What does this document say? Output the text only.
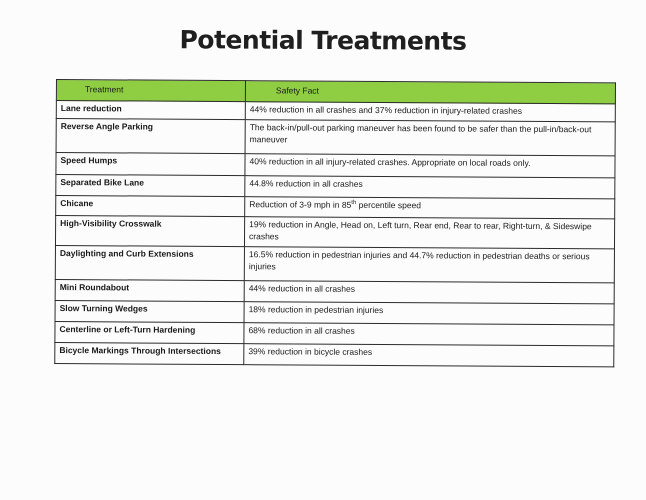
Potential Treatments
Treatment	Safety Fact
Lane reduction	44% reduction in all crashes and 37% reduction in injury-related crashes
Reverse Angle Parking	The back-in/pull-out parking maneuver has been found to be safer than the pull-in/back-out maneuver
Speed Humps	40% reduction in all injury-related crashes. Appropriate on local roads only.
Separated Bike Lane	44.8% reduction in all crashes
Chicane	Reduction of 3-9 mph in 85th percentile speed
High-Visibility Crosswalk	19% reduction in Angle, Head on, Left turn, Rear end, Rear to rear, Right-turn, & Sideswipe crashes
Daylighting and Curb Extensions	16.5% reduction in pedestrian injuries and 44.7% reduction in pedestrian deaths or serious injuries
Mini Roundabout	44% reduction in all crashes
Slow Turning Wedges	18% reduction in pedestrian injuries
Centerline or Left-Turn Hardening	68% reduction in all crashes
Bicycle Markings Through Intersections	39% reduction in bicycle crashes
